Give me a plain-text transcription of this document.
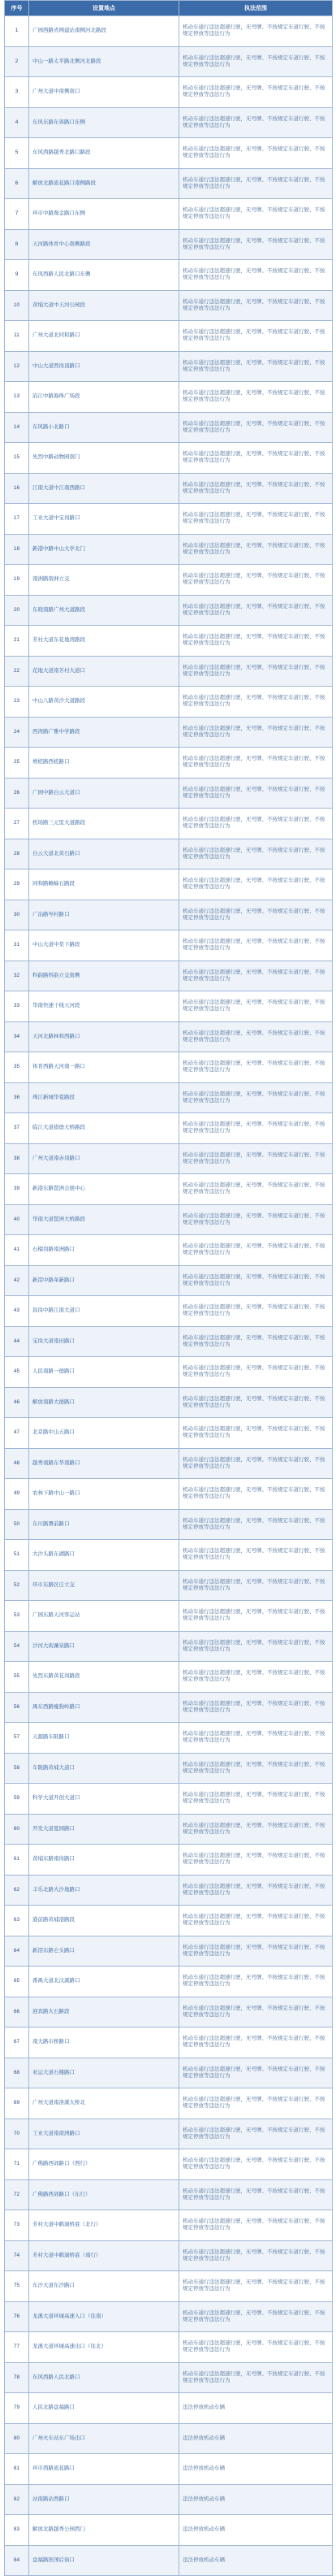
序号	设置地点	执法范围
1	广园西路省网建站南侧河北路段	机动车通行违法超速行驶，无号牌、不按规定车道行驶、不按规定停放等违法行为
2	中山一路太平路北侧河北路段	机动车通行违法超速行驶，无号牌、不按规定车道行驶、不按规定停放等违法行为
3	广州大道中南侧南口	机动车通行违法超速行驶，无号牌、不按规定车道行驶、不按规定停放等违法行为
4	东风东路东郊路口东侧	机动车通行违法超速行驶，无号牌、不按规定车道行驶、不按规定停放等违法行为
5	东风西路越秀北路口路段	机动车通行违法超速行驶，无号牌、不按规定车道行驶、不按规定停放等违法行为
6	解放北路流花路口南侧路段	机动车通行违法超速行驶，无号牌、不按规定车道行驶、不按规定停放等违法行为
7	环市中路淘金路口东侧	机动车通行违法超速行驶，无号牌、不按规定车道行驶、不按规定停放等违法行为
8	天河路体育中心南侧路段	机动车通行违法超速行驶，无号牌、不按规定车道行驶、不按规定停放等违法行为
9	东风西路人民北路口东侧	机动车通行违法超速行驶，无号牌、不按规定车道行驶、不按规定停放等违法行为
10	黄埔大道中天河公园段	机动车通行违法超速行驶，无号牌、不按规定车道行驶、不按规定停放等违法行为
11	广州大道北同和路口	机动车通行违法超速行驶，无号牌、不按规定车道行驶、不按规定停放等违法行为
12	中山大道西岗顶路口	机动车通行违法超速行驶，无号牌、不按规定车道行驶、不按规定停放等违法行为
13	沿江中路海珠广场段	机动车通行违法超速行驶，无号牌、不按规定车道行驶、不按规定停放等违法行为
14	东风路小北路口	机动车通行违法超速行驶，无号牌、不按规定车道行驶、不按规定停放等违法行为
15	先烈中路动物园南门	机动车通行违法超速行驶，无号牌、不按规定车道行驶、不按规定停放等违法行为
16	江南大道中江南西路口	机动车通行违法超速行驶，无号牌、不按规定车道行驶、不按规定停放等违法行为
17	工业大道中宝岗路口	机动车通行违法超速行驶，无号牌、不按规定车道行驶、不按规定停放等违法行为
18	新港中路中山大学北门	机动车通行违法超速行驶，无号牌、不按规定车道行驶、不按规定停放等违法行为
19	南洲路南洲立交	机动车通行违法超速行驶，无号牌、不按规定车道行驶、不按规定停放等违法行为
20	东晓南路广州大道路段	机动车通行违法超速行驶，无号牌、不按规定车道行驶、不按规定停放等违法行为
21	芳村大道东花地湾路段	机动车通行违法超速行驶，无号牌、不按规定车道行驶、不按规定停放等违法行为
22	花地大道南芳村大道口	机动车通行违法超速行驶，无号牌、不按规定车道行驶、不按规定停放等违法行为
23	中山八路黄沙大道路段	机动车通行违法超速行驶，无号牌、不按规定车道行驶、不按规定停放等违法行为
24	西湾路广雅中学路段	机动车通行违法超速行驶，无号牌、不按规定车道行驶、不按规定停放等违法行为
25	增槎路西槎路口	机动车通行违法超速行驶，无号牌、不按规定车道行驶、不按规定停放等违法行为
26	广园中路白云大道口	机动车通行违法超速行驶，无号牌、不按规定车道行驶、不按规定停放等违法行为
27	机场路三元里大道路段	机动车通行违法超速行驶，无号牌、不按规定车道行驶、不按规定停放等违法行为
28	白云大道北黄石路口	机动车通行违法超速行驶，无号牌、不按规定车道行驶、不按规定停放等违法行为
29	同和路蟾蜍石路段	机动车通行违法超速行驶，无号牌、不按规定车道行驶、不按规定停放等违法行为
30	广汕路岑村路口	机动车通行违法超速行驶，无号牌、不按规定车道行驶、不按规定停放等违法行为
31	中山大道中棠下路段	机动车通行违法超速行驶，无号牌、不按规定车道行驶、不按规定停放等违法行为
32	科韵路科韵立交南侧	机动车通行违法超速行驶，无号牌、不按规定车道行驶、不按规定停放等违法行为
33	华南快速干线天河段	机动车通行违法超速行驶，无号牌、不按规定车道行驶、不按规定停放等违法行为
34	天河北路林和西路口	机动车通行违法超速行驶，无号牌、不按规定车道行驶、不按规定停放等违法行为
35	体育西路天河南一路口	机动车通行违法超速行驶，无号牌、不按规定车道行驶、不按规定停放等违法行为
36	珠江新城华夏路段	机动车通行违法超速行驶，无号牌、不按规定车道行驶、不按规定停放等违法行为
37	临江大道猎德大桥路段	机动车通行违法超速行驶，无号牌、不按规定车道行驶、不按规定停放等违法行为
38	广州大道南赤岗路口	机动车通行违法超速行驶，无号牌、不按规定车道行驶、不按规定停放等违法行为
39	新港东路琶洲会展中心	机动车通行违法超速行驶，无号牌、不按规定车道行驶、不按规定停放等违法行为
40	华南大道琶洲大桥路段	机动车通行违法超速行驶，无号牌、不按规定车道行驶、不按规定停放等违法行为
41	石榴岗路南洲路口	机动车通行违法超速行驶，无号牌、不按规定车道行驶、不按规定停放等违法行为
42	新滘中路革新路口	机动车通行违法超速行驶，无号牌、不按规定车道行驶、不按规定停放等违法行为
43	昌岗中路江南大道口	机动车通行违法超速行驶，无号牌、不按规定车道行驶、不按规定停放等违法行为
44	宝岗大道南田路口	机动车通行违法超速行驶，无号牌、不按规定车道行驶、不按规定停放等违法行为
45	人民南路一德路口	机动车通行违法超速行驶，无号牌、不按规定车道行驶、不按规定停放等违法行为
46	解放南路大德路口	机动车通行违法超速行驶，无号牌、不按规定车道行驶、不按规定停放等违法行为
47	北京路中山五路口	机动车通行违法超速行驶，无号牌、不按规定车道行驶、不按规定停放等违法行为
48	越秀南路东华南路口	机动车通行违法超速行驶，无号牌、不按规定车道行驶、不按规定停放等违法行为
49	农林下路中山一路口	机动车通行违法超速行驶，无号牌、不按规定车道行驶、不按规定停放等违法行为
50	东川路署前路口	机动车通行违法超速行驶，无号牌、不按规定车道行驶、不按规定停放等违法行为
51	大沙头路东湖路口	机动车通行违法超速行驶，无号牌、不按规定车道行驶、不按规定停放等违法行为
52	环市东路区庄立交	机动车通行违法超速行驶，无号牌、不按规定车道行驶、不按规定停放等违法行为
53	广园东路天河客运站	机动车通行违法超速行驶，无号牌、不按规定车道行驶、不按规定停放等违法行为
54	沙河大街濂泉路口	机动车通行违法超速行驶，无号牌、不按规定车道行驶、不按规定停放等违法行为
55	先烈东路黄花岗路段	机动车通行违法超速行驶，无号牌、不按规定车道行驶、不按规定停放等违法行为
56	禺东西路瘦狗岭路口	机动车通行违法超速行驶，无号牌、不按规定车道行驶、不按规定停放等违法行为
57	天源路车陂路口	机动车通行违法超速行驶，无号牌、不按规定车道行驶、不按规定停放等违法行为
58	车陂路黄埔大道口	机动车通行违法超速行驶，无号牌、不按规定车道行驶、不按规定停放等违法行为
59	科学大道开创大道口	机动车通行违法超速行驶，无号牌、不按规定车道行驶、不按规定停放等违法行为
60	开发大道夏园路口	机动车通行违法超速行驶，无号牌、不按规定车道行驶、不按规定停放等违法行为
61	黄埔东路南岗路口	机动车通行违法超速行驶，无号牌、不按规定车道行驶、不按规定停放等违法行为
62	丰乐北路大沙地路口	机动车通行违法超速行驶，无号牌、不按规定车道行驶、不按规定停放等违法行为
63	港前路黄埔港路段	机动车通行违法超速行驶，无号牌、不按规定车道行驶、不按规定停放等违法行为
64	新滘东路仑头路口	机动车通行违法超速行驶，无号牌、不按规定车道行驶、不按规定停放等违法行为
65	番禺大道北汉溪路口	机动车通行违法超速行驶，无号牌、不按规定车道行驶、不按规定停放等违法行为
66	迎宾路大石路段	机动车通行违法超速行驶，无号牌、不按规定车道行驶、不按规定停放等违法行为
67	南大路市桥路口	机动车通行违法超速行驶，无号牌、不按规定车道行驶、不按规定停放等违法行为
68	亚运大道石楼路口	机动车通行违法超速行驶，无号牌、不按规定车道行驶、不按规定停放等违法行为
69	广州大道南洛溪大桥北	机动车通行违法超速行驶，无号牌、不按规定车道行驶、不按规定停放等违法行为
70	工业大道南南洲路口	机动车通行违法超速行驶，无号牌、不按规定车道行驶、不按规定停放等违法行为
71	广佛路西郊路口（西行）	机动车通行违法超速行驶，无号牌、不按规定车道行驶、不按规定停放等违法行为
72	广佛路西郊路口（东行）	机动车通行违法超速行驶，无号牌、不按规定车道行驶、不按规定停放等违法行为
73	芳村大道中鹤洞桥底（北行）	机动车通行违法超速行驶，无号牌、不按规定车道行驶、不按规定停放等违法行为
74	芳村大道中鹤洞桥底（南行）	机动车通行违法超速行驶，无号牌、不按规定车道行驶、不按规定停放等违法行为
75	东沙大道东沙路口	机动车通行违法超速行驶，无号牌、不按规定车道行驶、不按规定停放等违法行为
76	龙溪大道环城高速入口（往南）	机动车通行违法超速行驶，无号牌、不按规定车道行驶、不按规定停放等违法行为
77	龙溪大道环城高速出口（往北）	机动车通行违法超速行驶，无号牌、不按规定车道行驶、不按规定停放等违法行为
78	东风西路人民北路口	机动车通行违法超速行驶，无号牌、不按规定车道行驶、不按规定停放等违法行为
79	人民北路盘福路口	违法停放机动车辆
80	广州火车站东广场出口	违法停放机动车辆
81	环市西路流花路口	违法停放机动车辆
82	站南路站西路口	违法停放机动车辆
83	解放北路越秀公园西门	违法停放机动车辆
84	盘福路医国后街口	违法停放机动车辆
